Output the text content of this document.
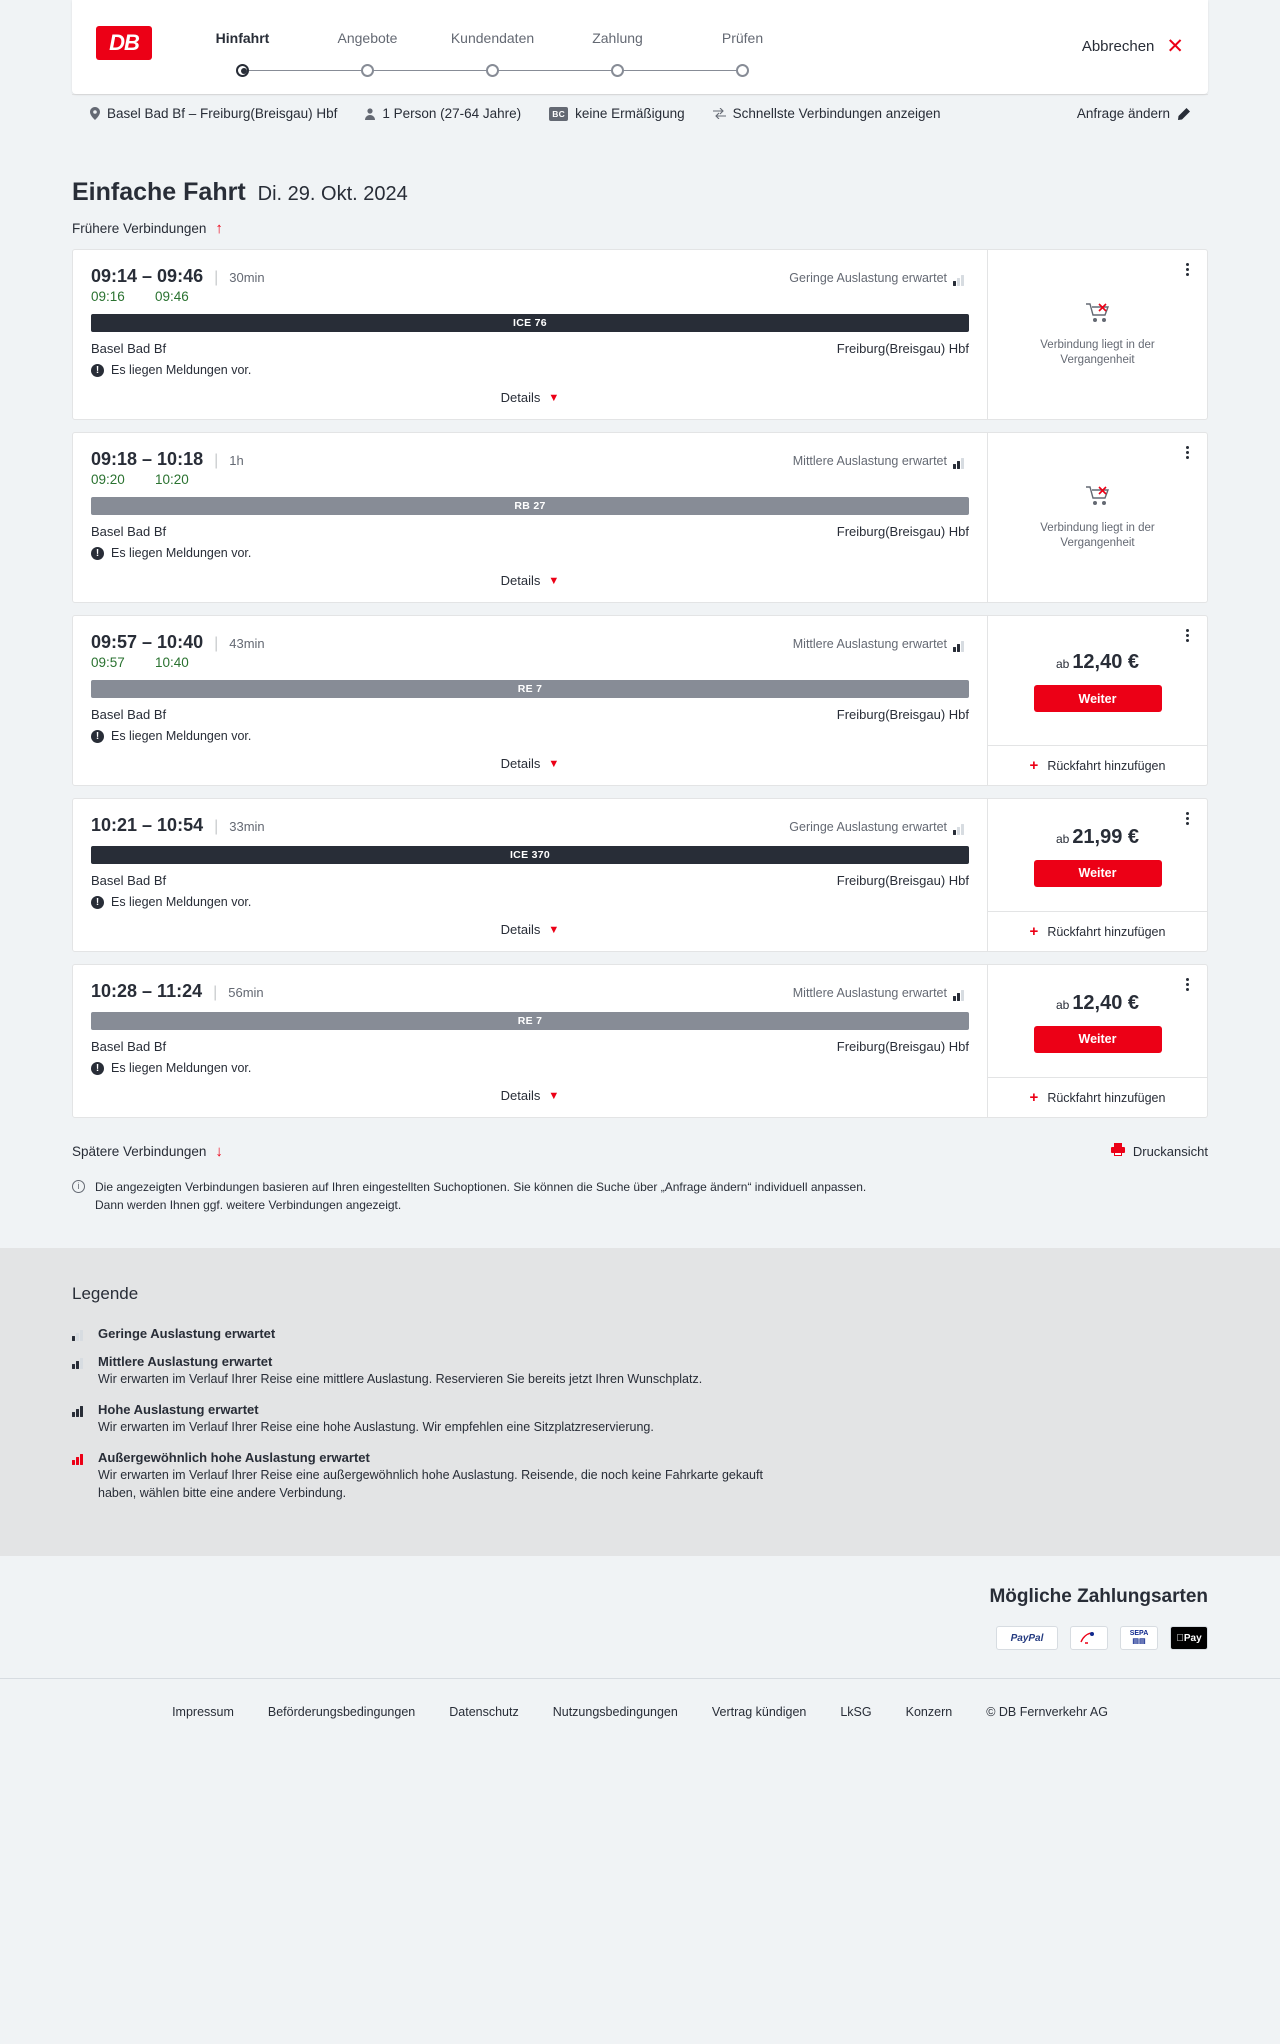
DB	Hinfahrt	Angebote	Kundendaten	Zahlung	Prüfen	Abbrechen ✕
Basel Bad Bf – Freiburg(Breisgau) Hbf	1 Person (27-64 Jahre)	BC keine Ermäßigung	Schnellste Verbindungen anzeigen	Anfrage ändern
Einfache Fahrt Di. 29. Okt. 2024
Frühere Verbindungen ↑
09:14 – 09:46 | 30min	Geringe Auslastung erwartet
09:16	09:46
ICE 76
Basel Bad Bf	Freiburg(Breisgau) Hbf
! Es liegen Meldungen vor.
Details ▼
Verbindung liegt in der Vergangenheit
09:18 – 10:18 | 1h	Mittlere Auslastung erwartet
09:20	10:20
RB 27
Basel Bad Bf	Freiburg(Breisgau) Hbf
! Es liegen Meldungen vor.
Details ▼
Verbindung liegt in der Vergangenheit
09:57 – 10:40 | 43min	Mittlere Auslastung erwartet
09:57	10:40
RE 7
Basel Bad Bf	Freiburg(Breisgau) Hbf
! Es liegen Meldungen vor.
Details ▼
ab 12,40 €
Weiter
+ Rückfahrt hinzufügen
10:21 – 10:54 | 33min	Geringe Auslastung erwartet
ICE 370
Basel Bad Bf	Freiburg(Breisgau) Hbf
! Es liegen Meldungen vor.
Details ▼
ab 21,99 €
Weiter
+ Rückfahrt hinzufügen
10:28 – 11:24 | 56min	Mittlere Auslastung erwartet
RE 7
Basel Bad Bf	Freiburg(Breisgau) Hbf
! Es liegen Meldungen vor.
Details ▼
ab 12,40 €
Weiter
+ Rückfahrt hinzufügen
Spätere Verbindungen ↓	Druckansicht
i	Die angezeigten Verbindungen basieren auf Ihren eingestellten Suchoptionen. Sie können die Suche über „Anfrage ändern“ individuell anpassen. Dann werden Ihnen ggf. weitere Verbindungen angezeigt.
Legende
Geringe Auslastung erwartet
Mittlere Auslastung erwartet
Wir erwarten im Verlauf Ihrer Reise eine mittlere Auslastung. Reservieren Sie bereits jetzt Ihren Wunschplatz.
Hohe Auslastung erwartet
Wir erwarten im Verlauf Ihrer Reise eine hohe Auslastung. Wir empfehlen eine Sitzplatzreservierung.
Außergewöhnlich hohe Auslastung erwartet
Wir erwarten im Verlauf Ihrer Reise eine außergewöhnlich hohe Auslastung. Reisende, die noch keine Fahrkarte gekauft haben, wählen bitte eine andere Verbindung.
Mögliche Zahlungsarten
PayPal	SEPA
▤▤	Pay
Impressum	Beförderungsbedingungen	Datenschutz	Nutzungsbedingungen	Vertrag kündigen	LkSG	Konzern	© DB Fernverkehr AG
